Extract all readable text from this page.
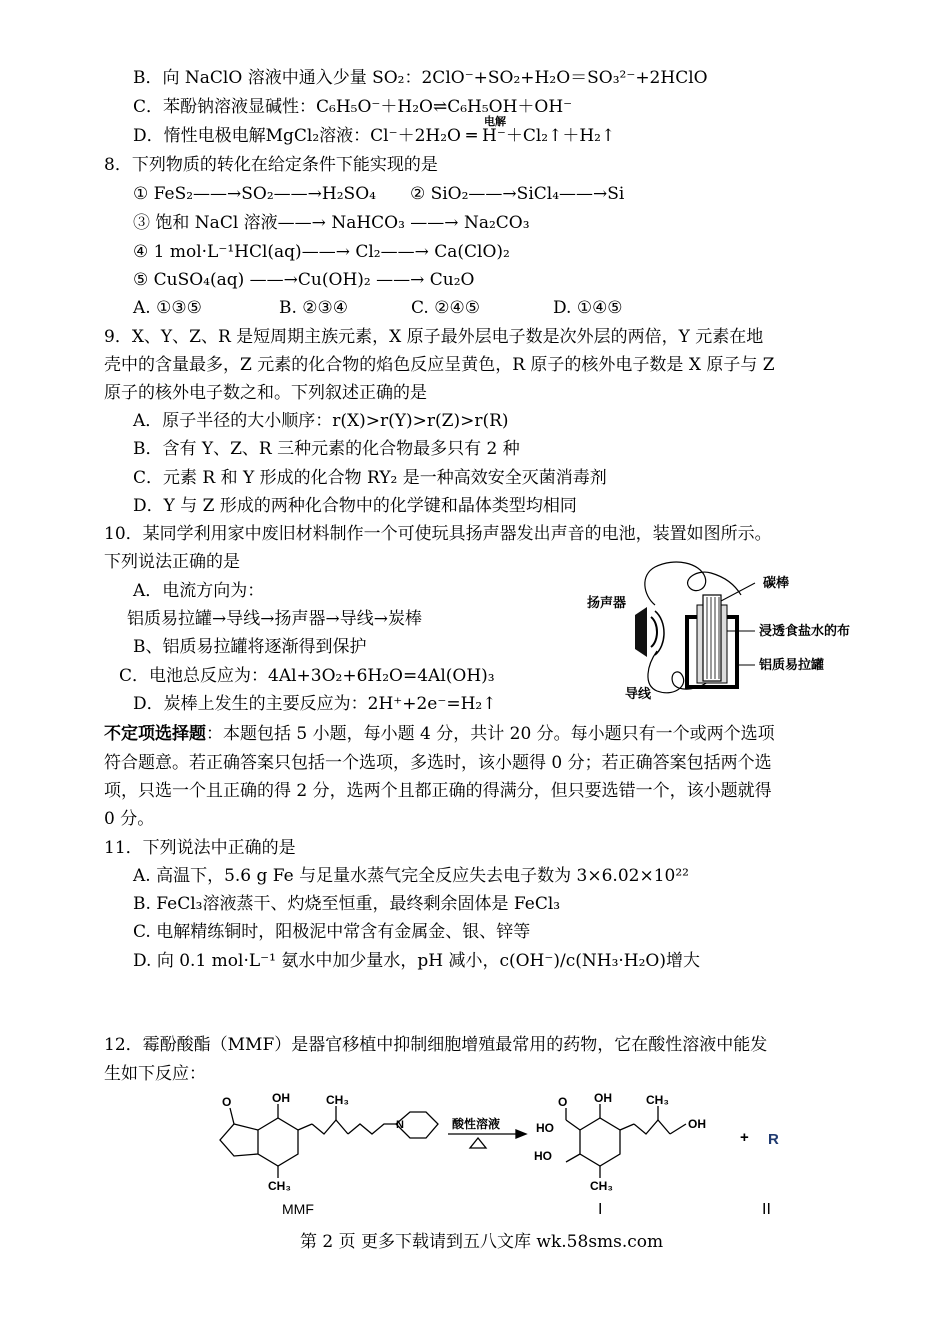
B．向 NaClO 溶液中通入少量 SO₂：2ClO⁻+SO₂+H₂O＝SO₃²⁻+2HClO
C．苯酚钠溶液显碱性：C₆H₅O⁻＋H₂O⇌C₆H₅OH＋OH⁻
D．惰性电极电解MgCl₂溶液：Cl⁻＋2H₂O ═ H⁻＋Cl₂↑＋H₂↑
电解
8．下列物质的转化在给定条件下能实现的是
① FeS₂——→SO₂——→H₂SO₄　　② SiO₂——→SiCl₄——→Si
③ 饱和 NaCl 溶液——→ NaHCO₃ ——→ Na₂CO₃
④ 1 mol·L⁻¹HCl(aq)——→ Cl₂——→ Ca(ClO)₂
⑤ CuSO₄(aq) ——→Cu(OH)₂ ——→ Cu₂O
A. ①③⑤	B. ②③④	C. ②④⑤	D. ①④⑤
9．X、Y、Z、R 是短周期主族元素，X 原子最外层电子数是次外层的两倍，Y 元素在地
壳中的含量最多，Z 元素的化合物的焰色反应呈黄色，R 原子的核外电子数是 X 原子与 Z
原子的核外电子数之和。下列叙述正确的是
A．原子半径的大小顺序：r(X)>r(Y)>r(Z)>r(R)
B．含有 Y、Z、R 三种元素的化合物最多只有 2 种
C．元素 R 和 Y 形成的化合物 RY₂ 是一种高效安全灭菌消毒剂
D．Y 与 Z 形成的两种化合物中的化学键和晶体类型均相同
10．某同学利用家中废旧材料制作一个可使玩具扬声器发出声音的电池，装置如图所示。
下列说法正确的是
A．电流方向为：
铝质易拉罐→导线→扬声器→导线→炭棒
B、铝质易拉罐将逐渐得到保护
C．电池总反应为：4Al+3O₂+6H₂O=4Al(OH)₃
D．炭棒上发生的主要反应为：2H⁺+2e⁻=H₂↑
扬声器
碳棒
浸透食盐水的布
铝质易拉罐
导线
不定项选择题：本题包括 5 小题，每小题 4 分，共计 20 分。每小题只有一个或两个选项
符合题意。若正确答案只包括一个选项，多选时，该小题得 0 分；若正确答案包括两个选
项，只选一个且正确的得 2 分，选两个且都正确的得满分，但只要选错一个，该小题就得
0 分。
11．下列说法中正确的是
A. 高温下，5.6 g Fe 与足量水蒸气完全反应失去电子数为 3×6.02×10²²
B. FeCl₃溶液蒸干、灼烧至恒重，最终剩余固体是 FeCl₃
C. 电解精练铜时，阳极泥中常含有金属金、银、锌等
D. 向 0.1 mol·L⁻¹ 氨水中加少量水，pH 减小，c(OH⁻)/c(NH₃·H₂O)增大
12．霉酚酸酯（MMF）是器官移植中抑制细胞增殖最常用的药物，它在酸性溶液中能发
生如下反应：
O	OH	CH₃
CH₃
N	酸性溶液
O
HO
HO
OH	CH₃
CH₃
OH
+ R
MMF	I	II
第 2 页 更多下载请到五八文库 wk.58sms.com
